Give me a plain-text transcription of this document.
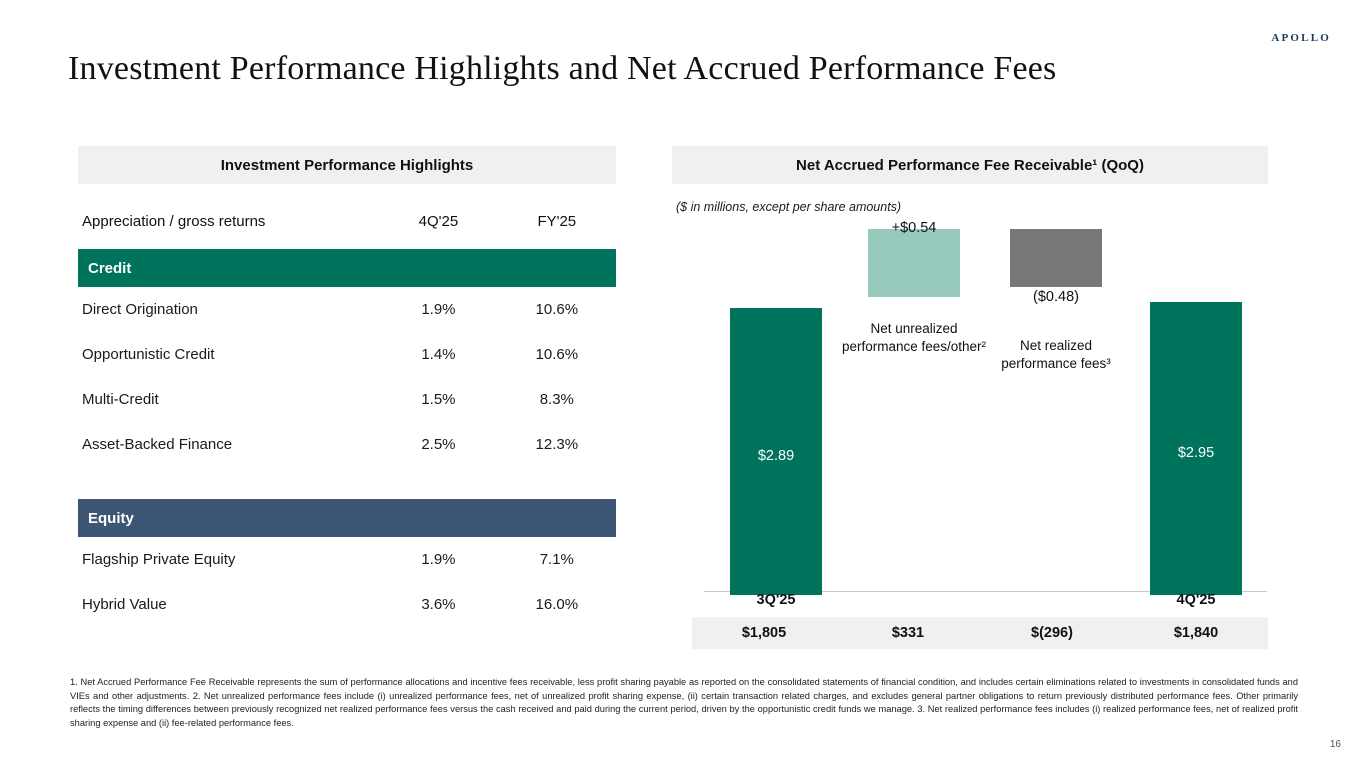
APOLLO
Investment Performance Highlights and Net Accrued Performance Fees
Investment Performance Highlights
Appreciation / gross returns	4Q'25	FY'25

Credit		

Direct Origination	1.9%	10.6%
Opportunistic Credit	1.4%	10.6%
Multi-Credit	1.5%	8.3%
Asset-Backed Finance	2.5%	12.3%

Equity		

Flagship Private Equity	1.9%	7.1%
Hybrid Value	3.6%	16.0%
Net Accrued Performance Fee Receivable¹ (QoQ)
($ in millions, except per share amounts)
$2.89
+$0.54
Net unrealized performance fees/other²
($0.48)
Net realized performance fees³
$2.95
3Q'25	4Q'25
$1,805	$331	$(296)	$1,840
1. Net Accrued Performance Fee Receivable represents the sum of performance allocations and incentive fees receivable, less profit sharing payable as reported on the consolidated statements of financial condition, and includes certain eliminations related to investments in consolidated funds and VIEs and other adjustments. 2. Net unrealized performance fees include (i) unrealized performance fees, net of unrealized profit sharing expense, (ii) certain transaction related charges, and excludes general partner obligations to return previously distributed performance fees. Other primarily reflects the timing differences between previously recognized net realized performance fees versus the cash received and paid during the current period, driven by the opportunistic credit funds we manage. 3. Net realized performance fees includes (i) realized performance fees, net of realized profit sharing expense and (ii) fee-related performance fees.
16
